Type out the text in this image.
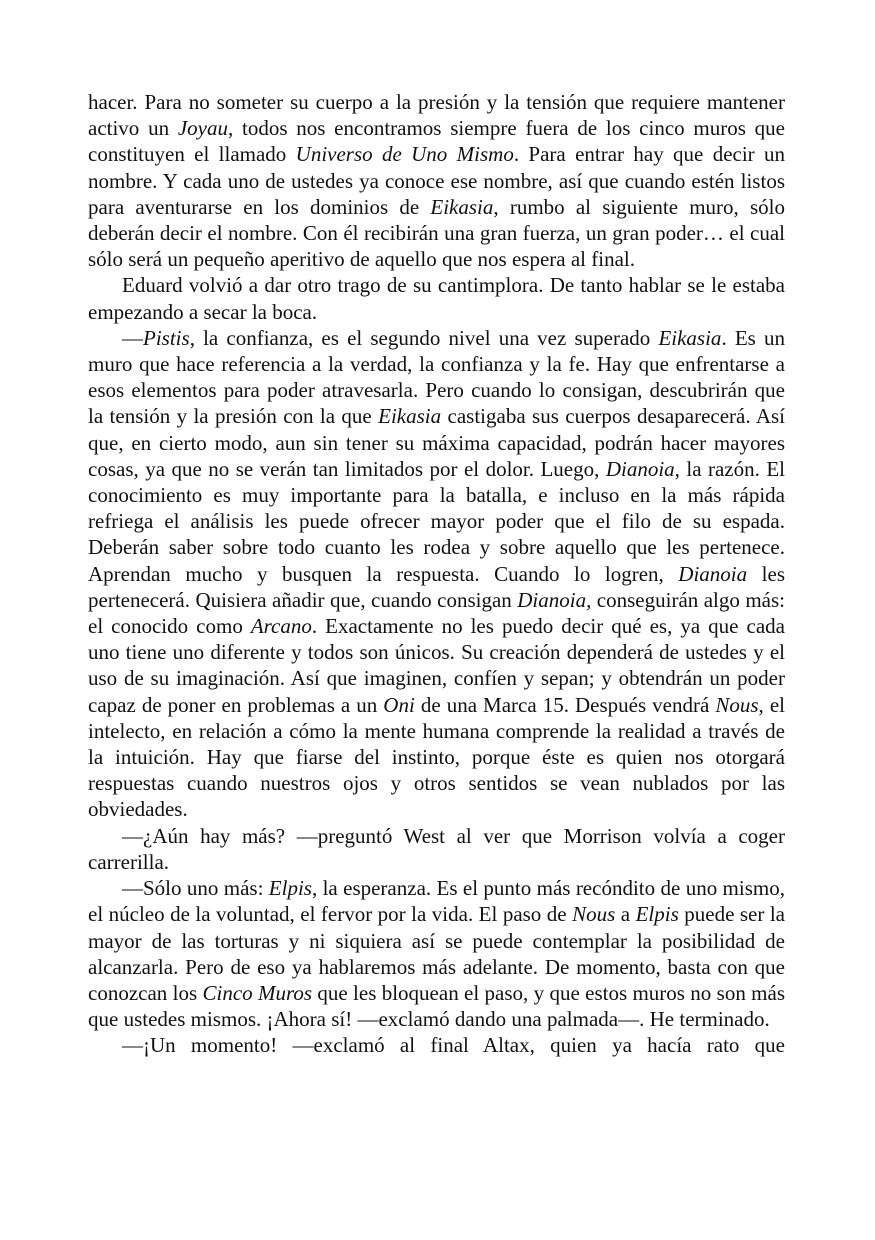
hacer. Para no someter su cuerpo a la presión y la tensión que requiere mantener activo un Joyau, todos nos encontramos siempre fuera de los cinco muros que constituyen el llamado Universo de Uno Mismo. Para entrar hay que decir un nombre. Y cada uno de ustedes ya conoce ese nombre, así que cuando estén listos para aventurarse en los dominios de Eikasia, rumbo al siguiente muro, sólo deberán decir el nombre. Con él recibirán una gran fuerza, un gran poder… el cual sólo será un pequeño aperitivo de aquello que nos espera al final.

Eduard volvió a dar otro trago de su cantimplora. De tanto hablar se le estaba empezando a secar la boca.

—Pistis, la confianza, es el segundo nivel una vez superado Eikasia. Es un muro que hace referencia a la verdad, la confianza y la fe. Hay que enfrentarse a esos elementos para poder atravesarla. Pero cuando lo consigan, descubrirán que la tensión y la presión con la que Eikasia castigaba sus cuerpos desaparecerá. Así que, en cierto modo, aun sin tener su máxima capacidad, podrán hacer mayores cosas, ya que no se verán tan limitados por el dolor. Luego, Dianoia, la razón. El conocimiento es muy importante para la batalla, e incluso en la más rápida refriega el análisis les puede ofrecer mayor poder que el filo de su espada. Deberán saber sobre todo cuanto les rodea y sobre aquello que les pertenece. Aprendan mucho y busquen la respuesta. Cuando lo logren, Dianoia les pertenecerá. Quisiera añadir que, cuando consigan Dianoia, conseguirán algo más: el conocido como Arcano. Exactamente no les puedo decir qué es, ya que cada uno tiene uno diferente y todos son únicos. Su creación dependerá de ustedes y el uso de su imaginación. Así que imaginen, confíen y sepan; y obtendrán un poder capaz de poner en problemas a un Oni de una Marca 15. Después vendrá Nous, el intelecto, en relación a cómo la mente humana comprende la realidad a través de la intuición. Hay que fiarse del instinto, porque éste es quien nos otorgará respuestas cuando nuestros ojos y otros sentidos se vean nublados por las obviedades.

—¿Aún hay más? —preguntó West al ver que Morrison volvía a coger carrerilla.

—Sólo uno más: Elpis, la esperanza. Es el punto más recóndito de uno mismo, el núcleo de la voluntad, el fervor por la vida. El paso de Nous a Elpis puede ser la mayor de las torturas y ni siquiera así se puede contemplar la posibilidad de alcanzarla. Pero de eso ya hablaremos más adelante. De momento, basta con que conozcan los Cinco Muros que les bloquean el paso, y que estos muros no son más que ustedes mismos. ¡Ahora sí! —exclamó dando una palmada—. He terminado.

—¡Un momento! —exclamó al final Altax, quien ya hacía rato que
